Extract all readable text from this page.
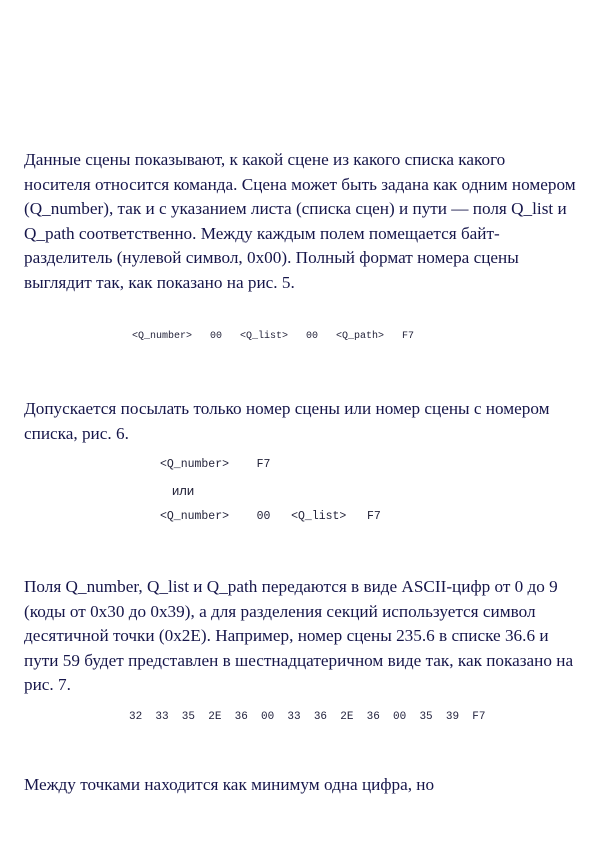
Данные сцены показывают, к какой сцене из какого списка какого носителя относится команда. Сцена может быть задана как одним номером (Q_number), так и с указанием листа (списка сцен) и пути — поля Q_list и Q_path соответственно. Между каждым полем помещается байт-разделитель (нулевой символ, 0x00). Полный формат номера сцены выглядит так, как показано на рис. 5.

<Q_number>   00   <Q_list>   00   <Q_path>   F7

Допускается посылать только номер сцены или номер сцены с номером списка, рис. 6.

<Q_number>    F7

или

<Q_number>    00   <Q_list>   F7

Поля Q_number, Q_list и Q_path передаются в виде ASCII-цифр от 0 до 9 (коды от 0x30 до 0x39), а для разделения секций используется символ десятичной точки (0x2E). Например, номер сцены 235.6 в списке 36.6 и пути 59 будет представлен в шестнадцатеричном виде так, как показано на рис. 7.

32  33  35  2E  36  00  33  36  2E  36  00  35  39  F7

Между точками находится как минимум одна цифра, но
